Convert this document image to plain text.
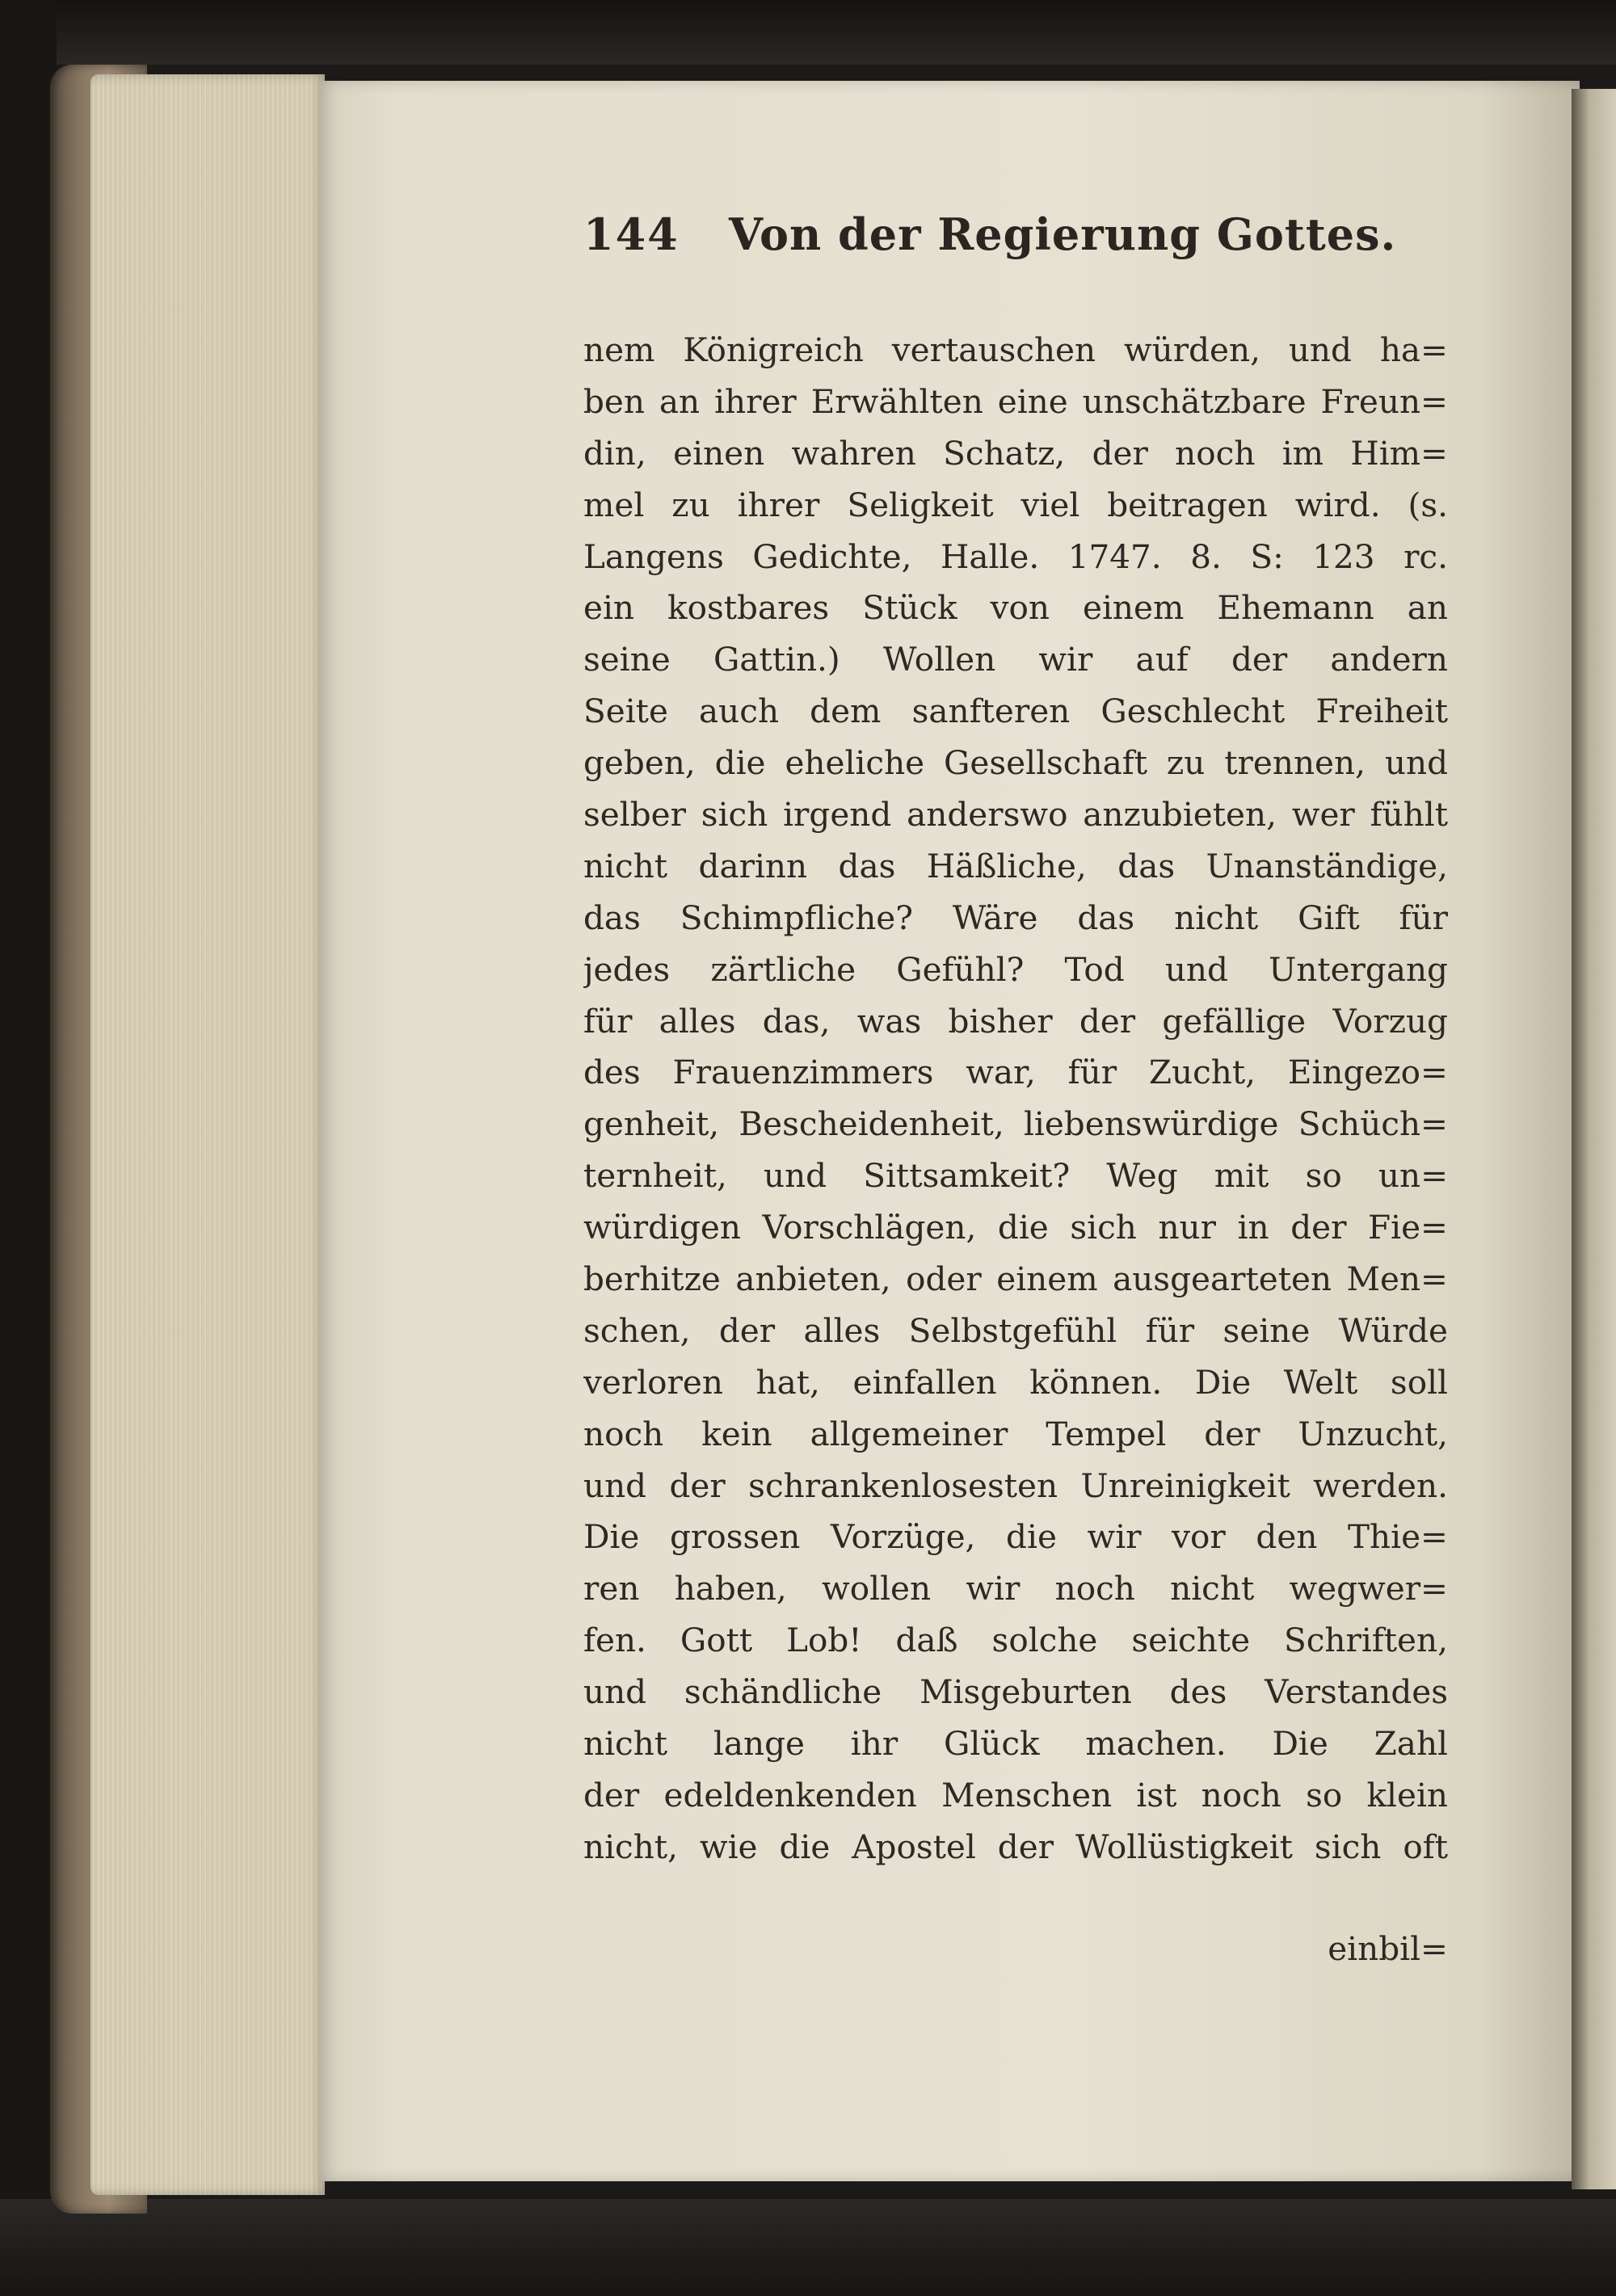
144 Von der Regierung Gottes.
nem Königreich vertauschen würden, und ha=
ben an ihrer Erwählten eine unschätzbare Freun=
din, einen wahren Schatz, der noch im Him=
mel zu ihrer Seligkeit viel beitragen wird. (s.
Langens Gedichte, Halle. 1747. 8. S: 123 rc.
ein kostbares Stück von einem Ehemann an
seine Gattin.) Wollen wir auf der andern
Seite auch dem sanfteren Geschlecht Freiheit
geben, die eheliche Gesellschaft zu trennen, und
selber sich irgend anderswo anzubieten, wer fühlt
nicht darinn das Häßliche, das Unanständige,
das Schimpfliche? Wäre das nicht Gift für
jedes zärtliche Gefühl? Tod und Untergang
für alles das, was bisher der gefällige Vorzug
des Frauenzimmers war, für Zucht, Eingezo=
genheit, Bescheidenheit, liebenswürdige Schüch=
ternheit, und Sittsamkeit? Weg mit so un=
würdigen Vorschlägen, die sich nur in der Fie=
berhitze anbieten, oder einem ausgearteten Men=
schen, der alles Selbstgefühl für seine Würde
verloren hat, einfallen können. Die Welt soll
noch kein allgemeiner Tempel der Unzucht,
und der schrankenlosesten Unreinigkeit werden.
Die grossen Vorzüge, die wir vor den Thie=
ren haben, wollen wir noch nicht wegwer=
fen. Gott Lob! daß solche seichte Schriften,
und schändliche Misgeburten des Verstandes
nicht lange ihr Glück machen. Die Zahl
der edeldenkenden Menschen ist noch so klein
nicht, wie die Apostel der Wollüstigkeit sich oft
einbil=
